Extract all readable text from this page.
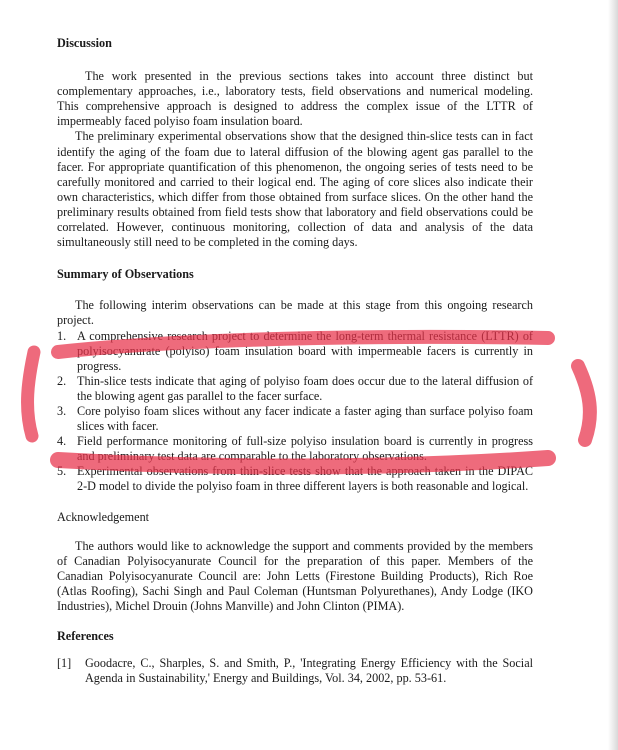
Discussion

The work presented in the previous sections takes into account three distinct but complementary approaches, i.e., laboratory tests, field observations and numerical modeling. This comprehensive approach is designed to address the complex issue of the LTTR of impermeably faced polyiso foam insulation board.

The preliminary experimental observations show that the designed thin-slice tests can in fact identify the aging of the foam due to lateral diffusion of the blowing agent gas parallel to the facer. For appropriate quantification of this phenomenon, the ongoing series of tests need to be carefully monitored and carried to their logical end. The aging of core slices also indicate their own characteristics, which differ from those obtained from surface slices. On the other hand the preliminary results obtained from field tests show that laboratory and field observations could be correlated. However, continuous monitoring, collection of data and analysis of the data simultaneously still need to be completed in the coming days.

Summary of Observations

The following interim observations can be made at this stage from this ongoing research project.

1. A comprehensive research project to determine the long-term thermal resistance (LTTR) of polyisocyanurate (polyiso) foam insulation board with impermeable facers is currently in progress.
2. Thin-slice tests indicate that aging of polyiso foam does occur due to the lateral diffusion of the blowing agent gas parallel to the facer surface.
3. Core polyiso foam slices without any facer indicate a faster aging than surface polyiso foam slices with facer.
4. Field performance monitoring of full-size polyiso insulation board is currently in progress and preliminary test data are comparable to the laboratory observations.
5. Experimental observations from thin-slice tests show that the approach taken in the DIPAC 2-D model to divide the polyiso foam in three different layers is both reasonable and logical.

Acknowledgement

The authors would like to acknowledge the support and comments provided by the members of Canadian Polyisocyanurate Council for the preparation of this paper. Members of the Canadian Polyisocyanurate Council are: John Letts (Firestone Building Products), Rich Roe (Atlas Roofing), Sachi Singh and Paul Coleman (Huntsman Polyurethanes), Andy Lodge (IKO Industries), Michel Drouin (Johns Manville) and John Clinton (PIMA).

References
[1] Goodacre, C., Sharples, S. and Smith, P., 'Integrating Energy Efficiency with the Social Agenda in Sustainability,' Energy and Buildings, Vol. 34, 2002, pp. 53-61.
